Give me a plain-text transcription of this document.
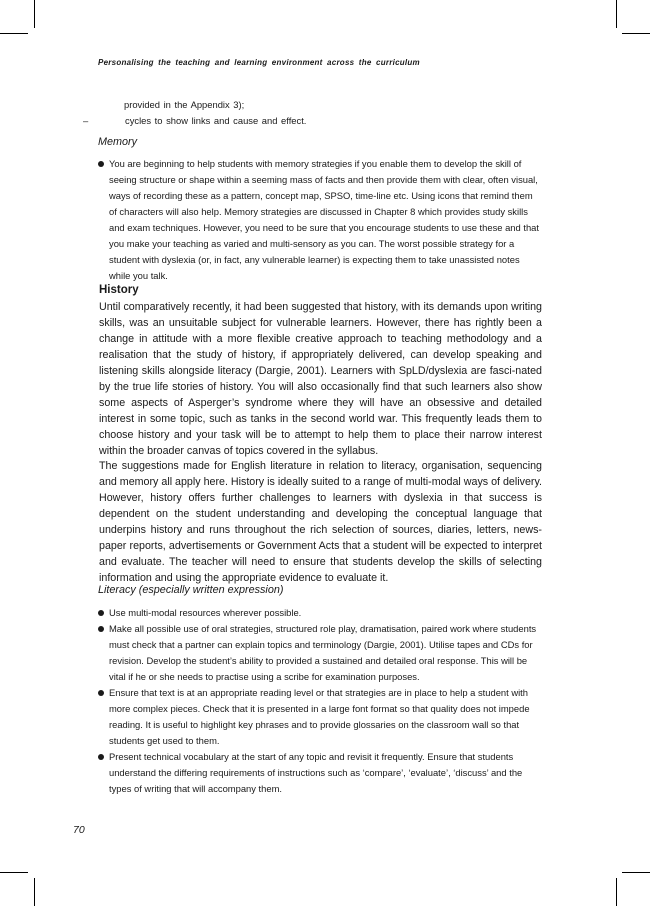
Personalising the teaching and learning environment across the curriculum
provided in the Appendix 3);
–	cycles to show links and cause and effect.
Memory
You are beginning to help students with memory strategies if you enable them to develop the skill of seeing structure or shape within a seeming mass of facts and then provide them with clear, often visual, ways of recording these as a pattern, concept map, SPSO, time-line etc. Using icons that remind them of characters will also help. Memory strategies are discussed in Chapter 8 which provides study skills and exam techniques. However, you need to be sure that you encourage students to use these and that you make your teaching as varied and multi-sensory as you can. The worst possible strategy for a student with dyslexia (or, in fact, any vulnerable learner) is expecting them to take unassisted notes while you talk.
History

Until comparatively recently, it had been suggested that history, with its demands upon writing skills, was an unsuitable subject for vulnerable learners. However, there has rightly been a change in attitude with a more flexible creative approach to teaching methodology and a realisation that the study of history, if appropriately delivered, can develop speaking and listening skills alongside literacy (Dargie, 2001). Learners with SpLD/dyslexia are fasci-nated by the true life stories of history. You will also occasionally find that such learners also show some aspects of Asperger’s syndrome where they will have an obsessive and detailed interest in some topic, such as tanks in the second world war. This frequently leads them to choose history and your task will be to attempt to help them to place their narrow interest within the broader canvas of topics covered in the syllabus.

The suggestions made for English literature in relation to literacy, organisation, sequencing and memory all apply here. History is ideally suited to a range of multi-modal ways of delivery. However, history offers further challenges to learners with dyslexia in that success is dependent on the student understanding and developing the conceptual language that underpins history and runs throughout the rich selection of sources, diaries, letters, news-paper reports, advertisements or Government Acts that a student will be expected to interpret and evaluate. The teacher will need to ensure that students develop the skills of selecting information and using the appropriate evidence to evaluate it.

Literacy (especially written expression)
Use multi-modal resources wherever possible.
Make all possible use of oral strategies, structured role play, dramatisation, paired work where students must check that a partner can explain topics and terminology (Dargie, 2001). Utilise tapes and CDs for revision. Develop the student’s ability to provided a sustained and detailed oral response. This will be vital if he or she needs to practise using a scribe for examination purposes.
Ensure that text is at an appropriate reading level or that strategies are in place to help a student with more complex pieces. Check that it is presented in a large font format so that quality does not impede reading. It is useful to highlight key phrases and to provide glossaries on the classroom wall so that students get used to them.
Present technical vocabulary at the start of any topic and revisit it frequently. Ensure that students understand the differing requirements of instructions such as ‘compare’, ‘evaluate’, ‘discuss’ and the types of writing that will accompany them.
70
